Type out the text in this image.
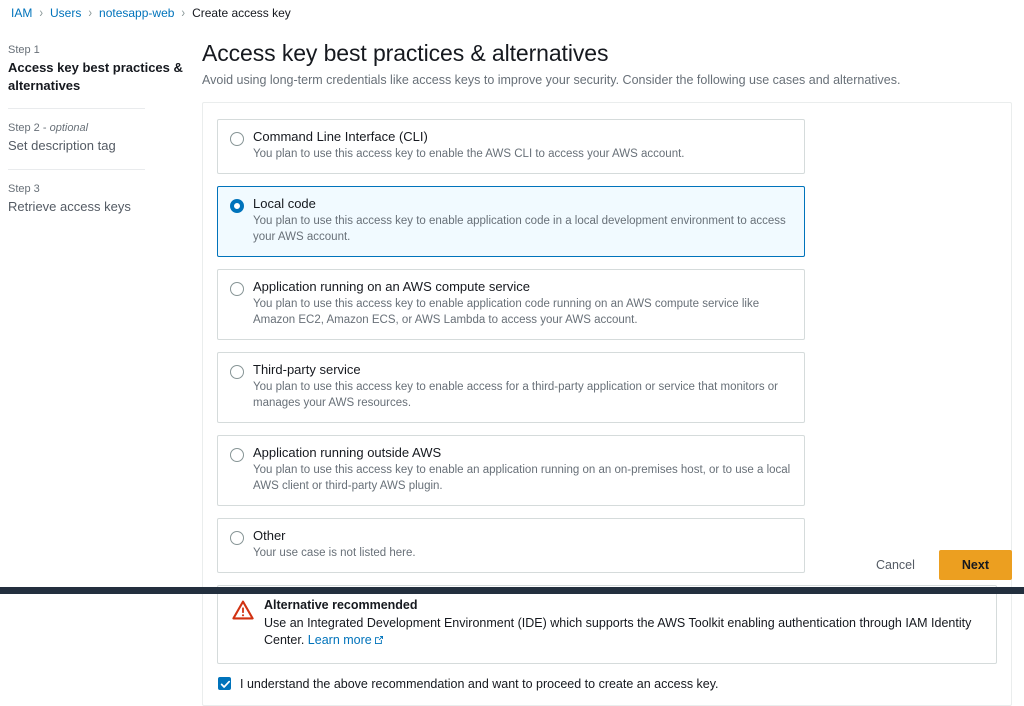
IAM › Users › notesapp-web › Create access key
Step 1
Access key best practices & alternatives
Step 2 - optional
Set description tag
Step 3
Retrieve access keys
Access key best practices & alternatives

Avoid using long-term credentials like access keys to improve your security. Consider the following use cases and alternatives.

Command Line Interface (CLI)
You plan to use this access key to enable the AWS CLI to access your AWS account.
Local code
You plan to use this access key to enable application code in a local development environment to access your AWS account.
Application running on an AWS compute service
You plan to use this access key to enable application code running on an AWS compute service like Amazon EC2, Amazon ECS, or AWS Lambda to access your AWS account.
Third-party service
You plan to use this access key to enable access for a third-party application or service that monitors or manages your AWS resources.
Application running outside AWS
You plan to use this access key to enable an application running on an on-premises host, or to use a local AWS client or third-party AWS plugin.
Other
Your use case is not listed here.
Alternative recommended
Use an Integrated Development Environment (IDE) which supports the AWS Toolkit enabling authentication through IAM Identity Center. Learn more
I understand the above recommendation and want to proceed to create an access key.
Cancel	Next
